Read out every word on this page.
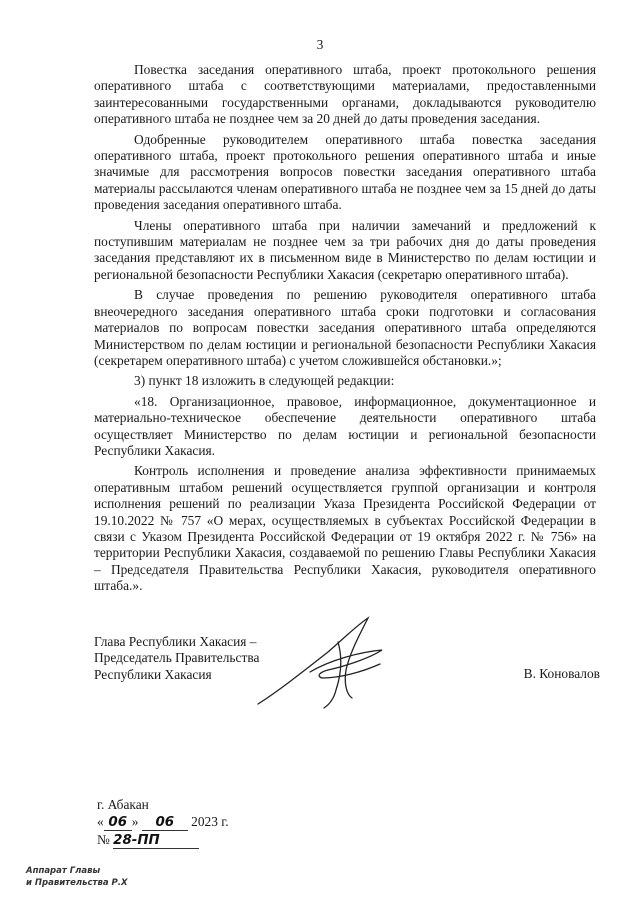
3

Повестка заседания оперативного штаба, проект протокольного решения оперативного штаба с соответствующими материалами, предоставленными заинтересованными государственными органами, докладываются руководителю оперативного штаба не позднее чем за 20 дней до даты проведения заседания.

Одобренные руководителем оперативного штаба повестка заседания оперативного штаба, проект протокольного решения оперативного штаба и иные значимые для рассмотрения вопросов повестки заседания оперативного штаба материалы рассылаются членам оперативного штаба не позднее чем за 15 дней до даты проведения заседания оперативного штаба.

Члены оперативного штаба при наличии замечаний и предложений к поступившим материалам не позднее чем за три рабочих дня до даты проведения заседания представляют их в письменном виде в Министерство по делам юстиции и региональной безопасности Республики Хакасия (секретарю оперативного штаба).

В случае проведения по решению руководителя оперативного штаба внеочередного заседания оперативного штаба сроки подготовки и согласования материалов по вопросам повестки заседания оперативного штаба определяются Министерством по делам юстиции и региональной безопасности Республики Хакасия (секретарем оперативного штаба) с учетом сложившейся обстановки.»;

3) пункт 18 изложить в следующей редакции:

«18. Организационное, правовое, информационное, документационное и материально-техническое обеспечение деятельности оперативного штаба осуществляет Министерство по делам юстиции и региональной безопасности Республики Хакасия.

Контроль исполнения и проведение анализа эффективности принимаемых оперативным штабом решений осуществляется группой организации и контроля исполнения решений по реализации Указа Президента Российской Федерации от 19.10.2022 № 757 «О мерах, осуществляемых в субъектах Российской Федерации в связи с Указом Президента Российской Федерации от 19 октября 2022 г. № 756» на территории Республики Хакасия, создаваемой по решению Главы Республики Хакасия – Председателя Правительства Республики Хакасия, руководителя оперативного штаба.».

Глава Республики Хакасия –
Председатель Правительства
Республики Хакасия	В. Коновалов
г. Абакан
« 06 » 06 2023 г.
№ 28-ПП
Аппарат Главы
и Правительства Р.Х
